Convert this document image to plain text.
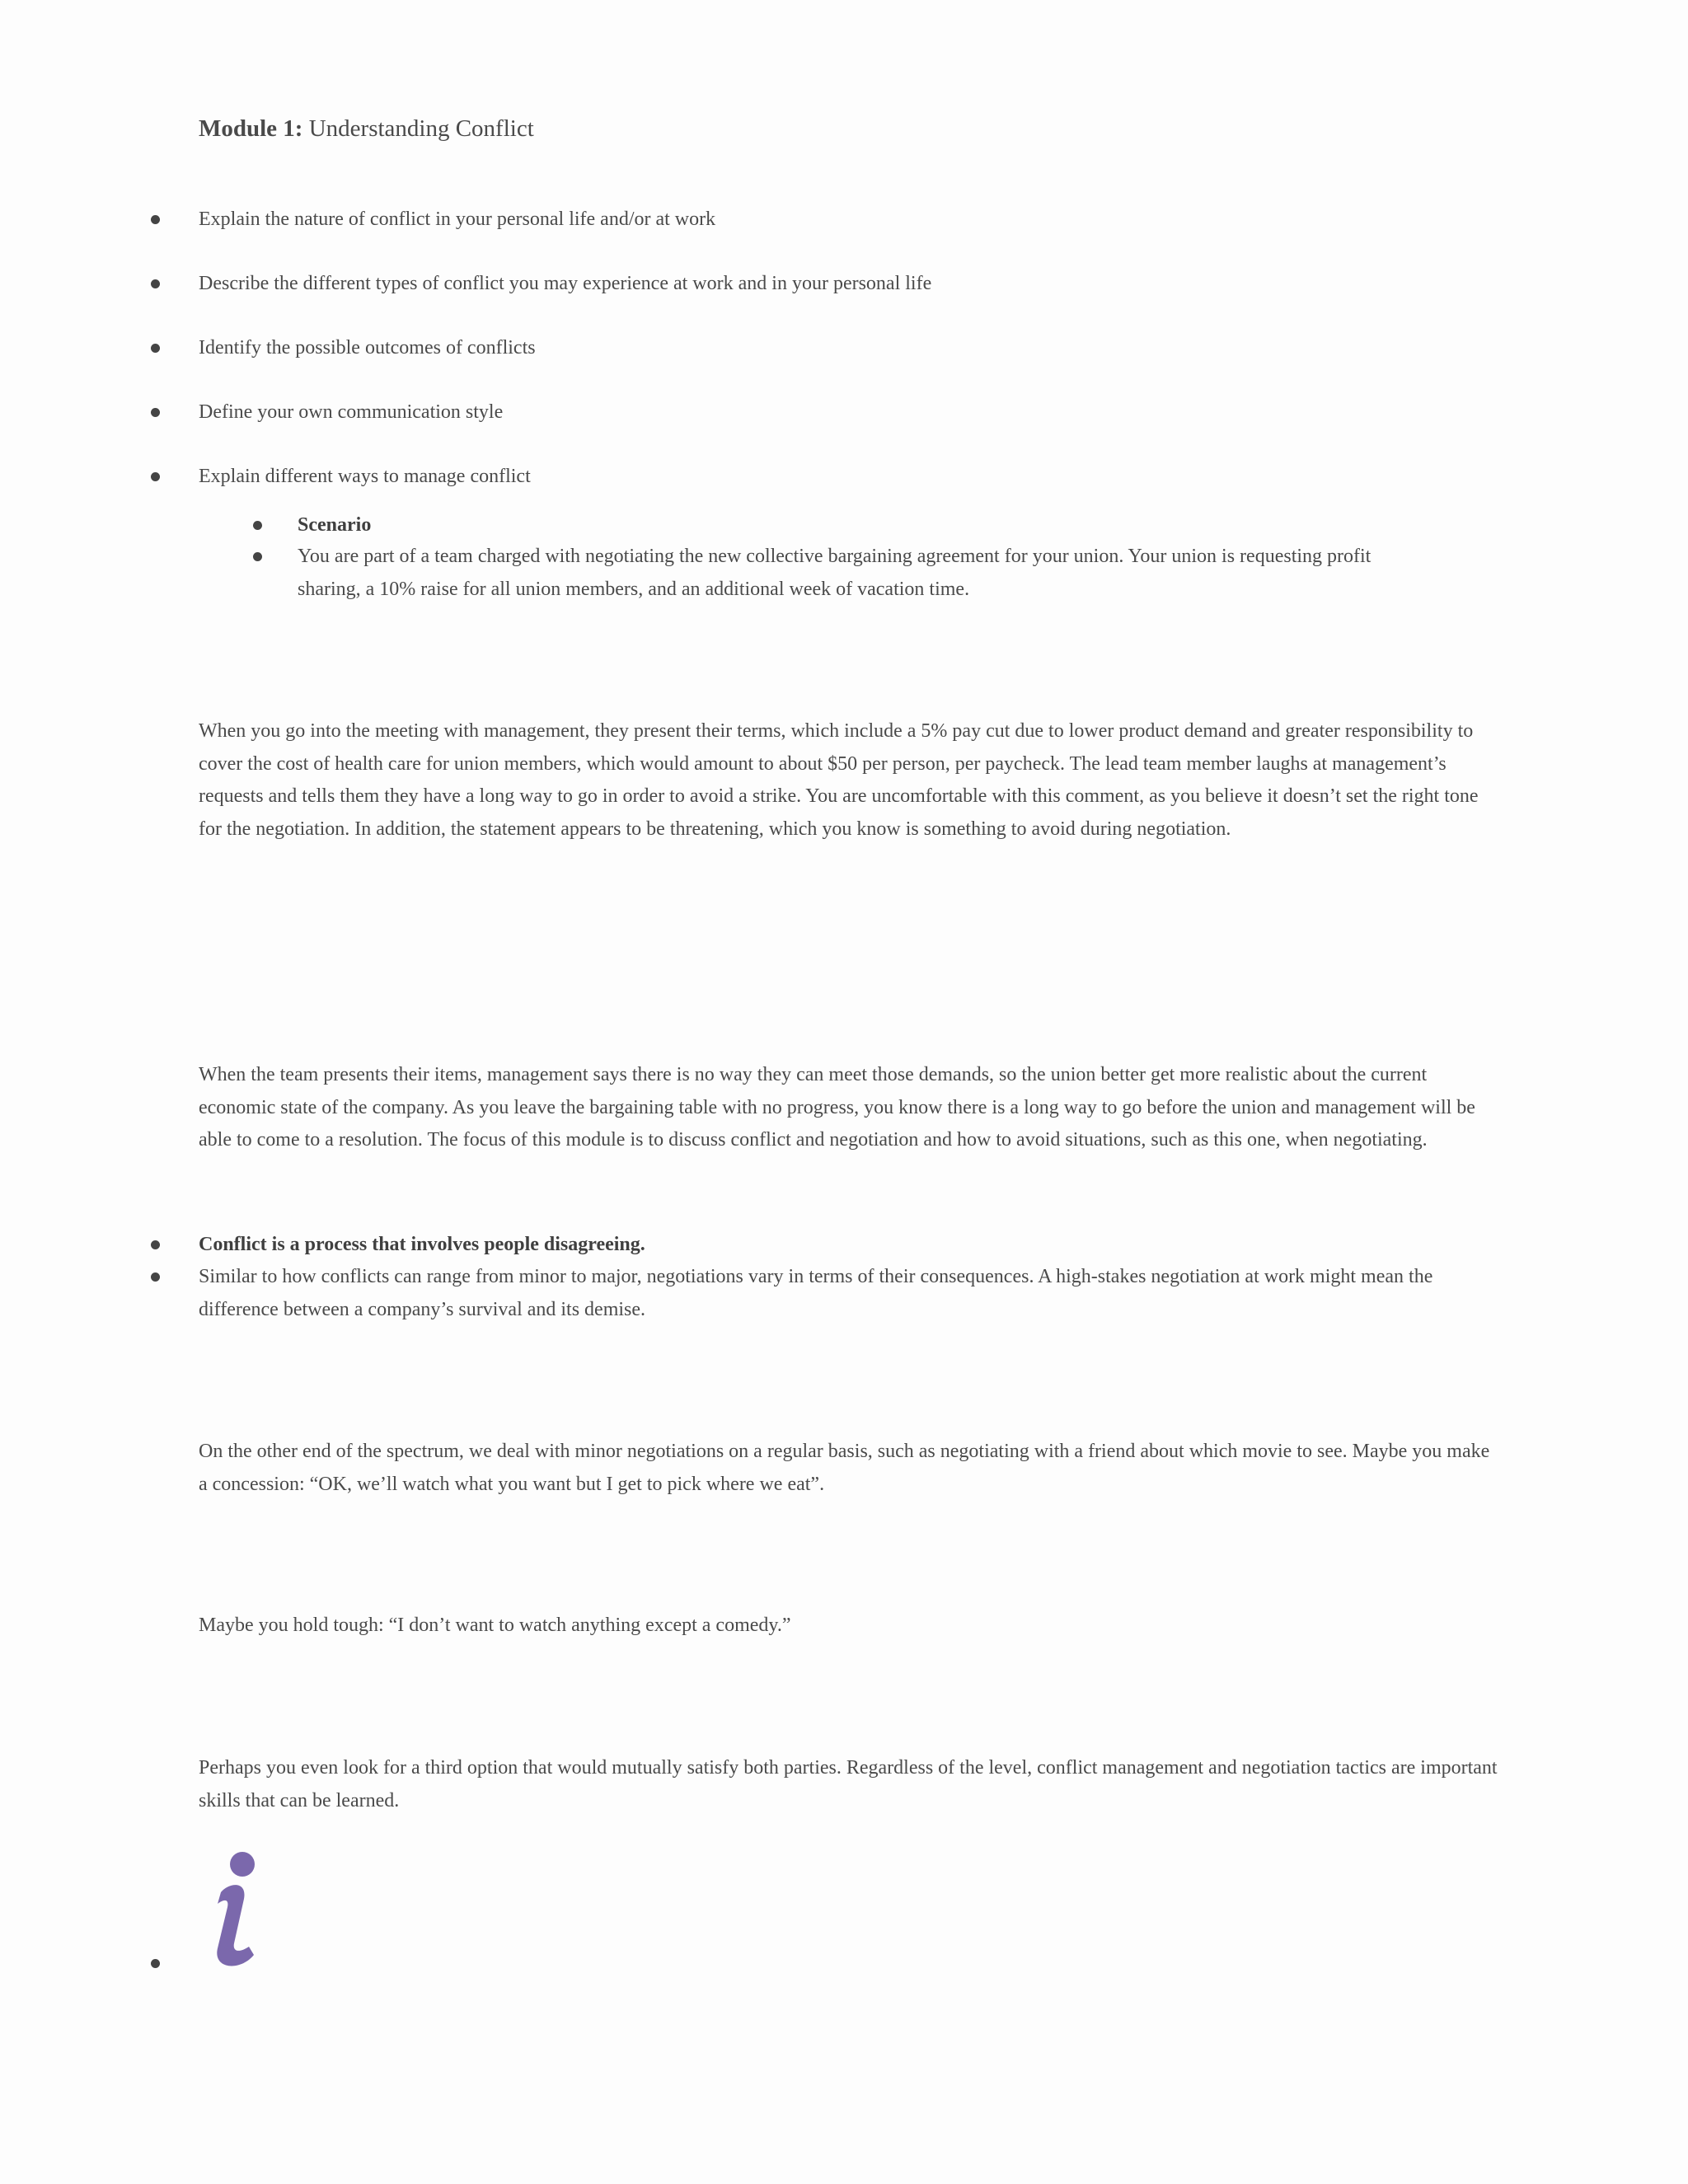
Module 1: Understanding Conflict
Explain the nature of conflict in your personal life and/or at work
Describe the different types of conflict you may experience at work and in your personal life
Identify the possible outcomes of conflicts
Define your own communication style
Explain different ways to manage conflict
Scenario
You are part of a team charged with negotiating the new collective bargaining agreement for your union. Your union is requesting profit sharing, a 10% raise for all union members, and an additional week of vacation time.
When you go into the meeting with management, they present their terms, which include a 5% pay cut due to lower product demand and greater responsibility to cover the cost of health care for union members, which would amount to about $50 per person, per paycheck. The lead team member laughs at management’s requests and tells them they have a long way to go in order to avoid a strike. You are uncomfortable with this comment, as you believe it doesn’t set the right tone for the negotiation. In addition, the statement appears to be threatening, which you know is something to avoid during negotiation.
When the team presents their items, management says there is no way they can meet those demands, so the union better get more realistic about the current economic state of the company. As you leave the bargaining table with no progress, you know there is a long way to go before the union and management will be able to come to a resolution. The focus of this module is to discuss conflict and negotiation and how to avoid situations, such as this one, when negotiating.
Conflict is a process that involves people disagreeing.
Similar to how conflicts can range from minor to major, negotiations vary in terms of their consequences. A high-stakes negotiation at work might mean the difference between a company’s survival and its demise.
On the other end of the spectrum, we deal with minor negotiations on a regular basis, such as negotiating with a friend about which movie to see. Maybe you make a concession: “OK, we’ll watch what you want but I get to pick where we eat”.
Maybe you hold tough: “I don’t want to watch anything except a comedy.”
Perhaps you even look for a third option that would mutually satisfy both parties. Regardless of the level, conflict management and negotiation tactics are important skills that can be learned.
